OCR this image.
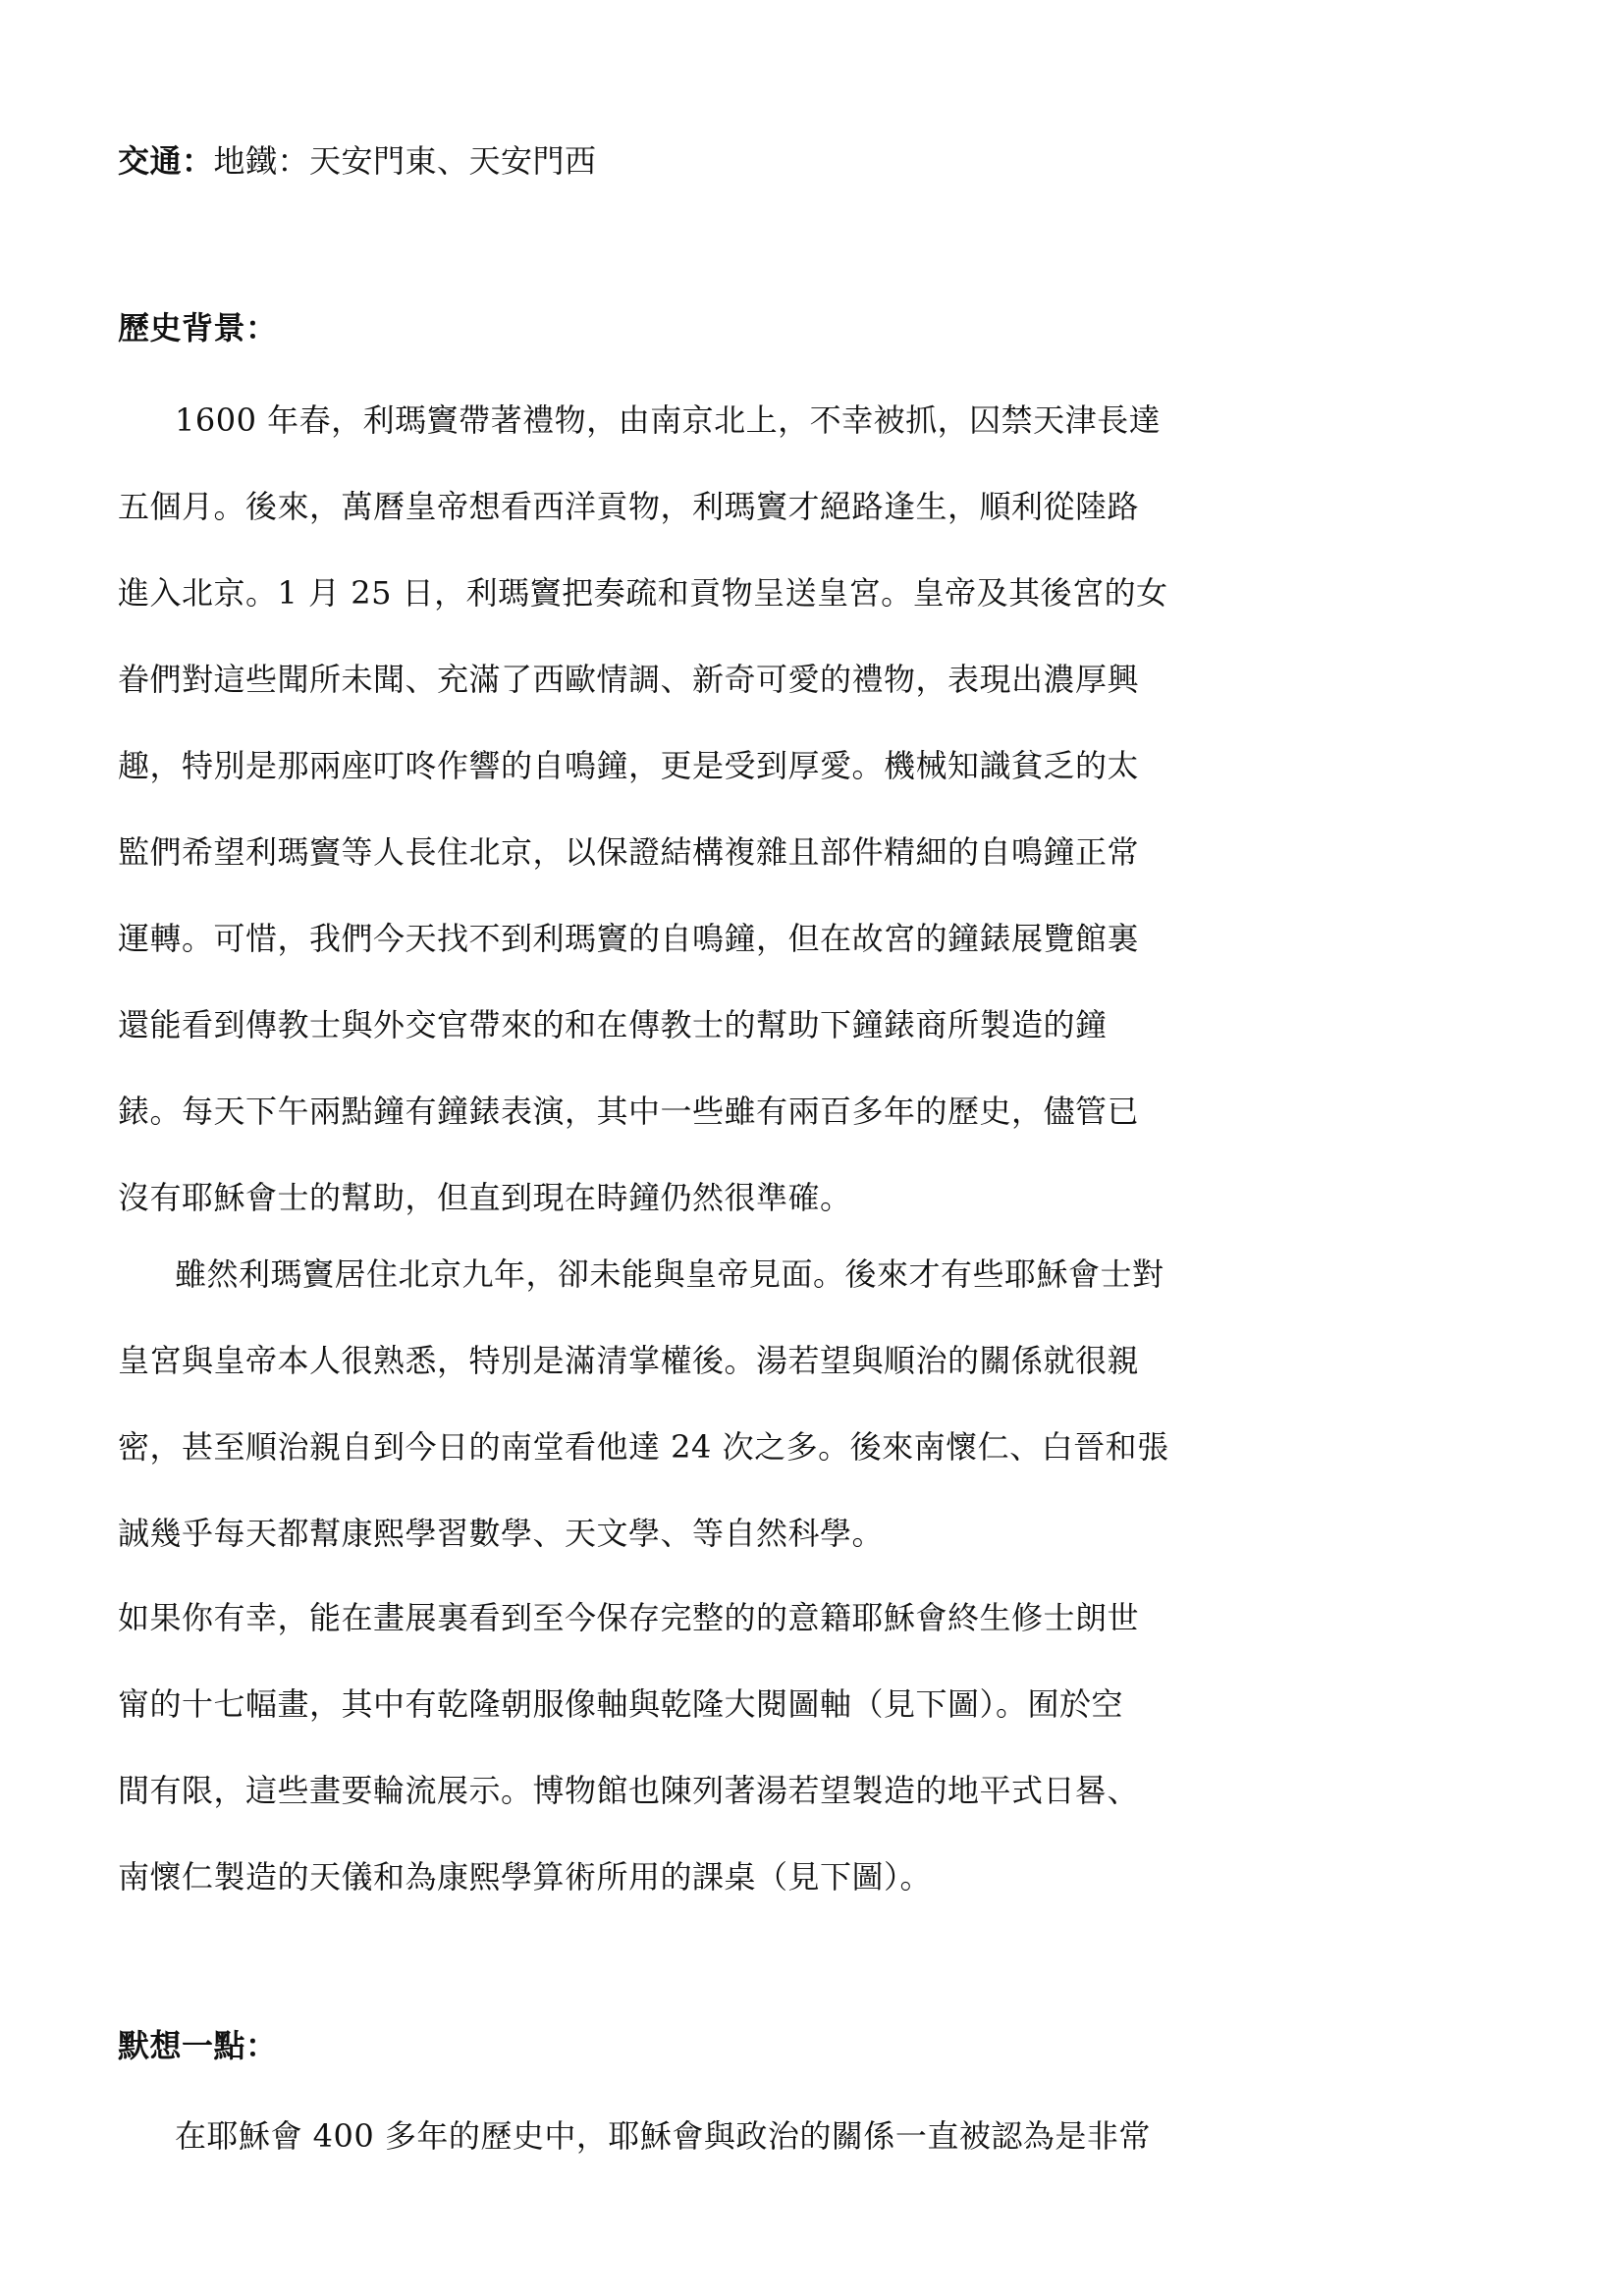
交通：地鐵：天安門東、天安門西
歷史背景：
1600 年春，利瑪竇帶著禮物，由南京北上，不幸被抓，囚禁天津長達
五個月。後來，萬曆皇帝想看西洋貢物，利瑪竇才絕路逢生，順利從陸路
進入北京。1 月 25 日，利瑪竇把奏疏和貢物呈送皇宮。皇帝及其後宮的女
眷們對這些聞所未聞、充滿了西歐情調、新奇可愛的禮物，表現出濃厚興
趣，特別是那兩座叮咚作響的自鳴鐘，更是受到厚愛。機械知識貧乏的太
監們希望利瑪竇等人長住北京，以保證結構複雜且部件精細的自鳴鐘正常
運轉。可惜，我們今天找不到利瑪竇的自鳴鐘，但在故宮的鐘錶展覽館裏
還能看到傳教士與外交官帶來的和在傳教士的幫助下鐘錶商所製造的鐘
錶。每天下午兩點鐘有鐘錶表演，其中一些雖有兩百多年的歷史，儘管已
沒有耶穌會士的幫助，但直到現在時鐘仍然很準確。
雖然利瑪竇居住北京九年，卻未能與皇帝見面。後來才有些耶穌會士對
皇宮與皇帝本人很熟悉，特別是滿清掌權後。湯若望與順治的關係就很親
密，甚至順治親自到今日的南堂看他達 24 次之多。後來南懷仁、白晉和張
誠幾乎每天都幫康熙學習數學、天文學、等自然科學。
如果你有幸，能在畫展裏看到至今保存完整的的意籍耶穌會終生修士朗世
甯的十七幅畫，其中有乾隆朝服像軸與乾隆大閱圖軸（見下圖）。囿於空
間有限，這些畫要輪流展示。博物館也陳列著湯若望製造的地平式日晷、
南懷仁製造的天儀和為康熙學算術所用的課桌（見下圖）。
默想一點：
在耶穌會 400 多年的歷史中，耶穌會與政治的關係一直被認為是非常
